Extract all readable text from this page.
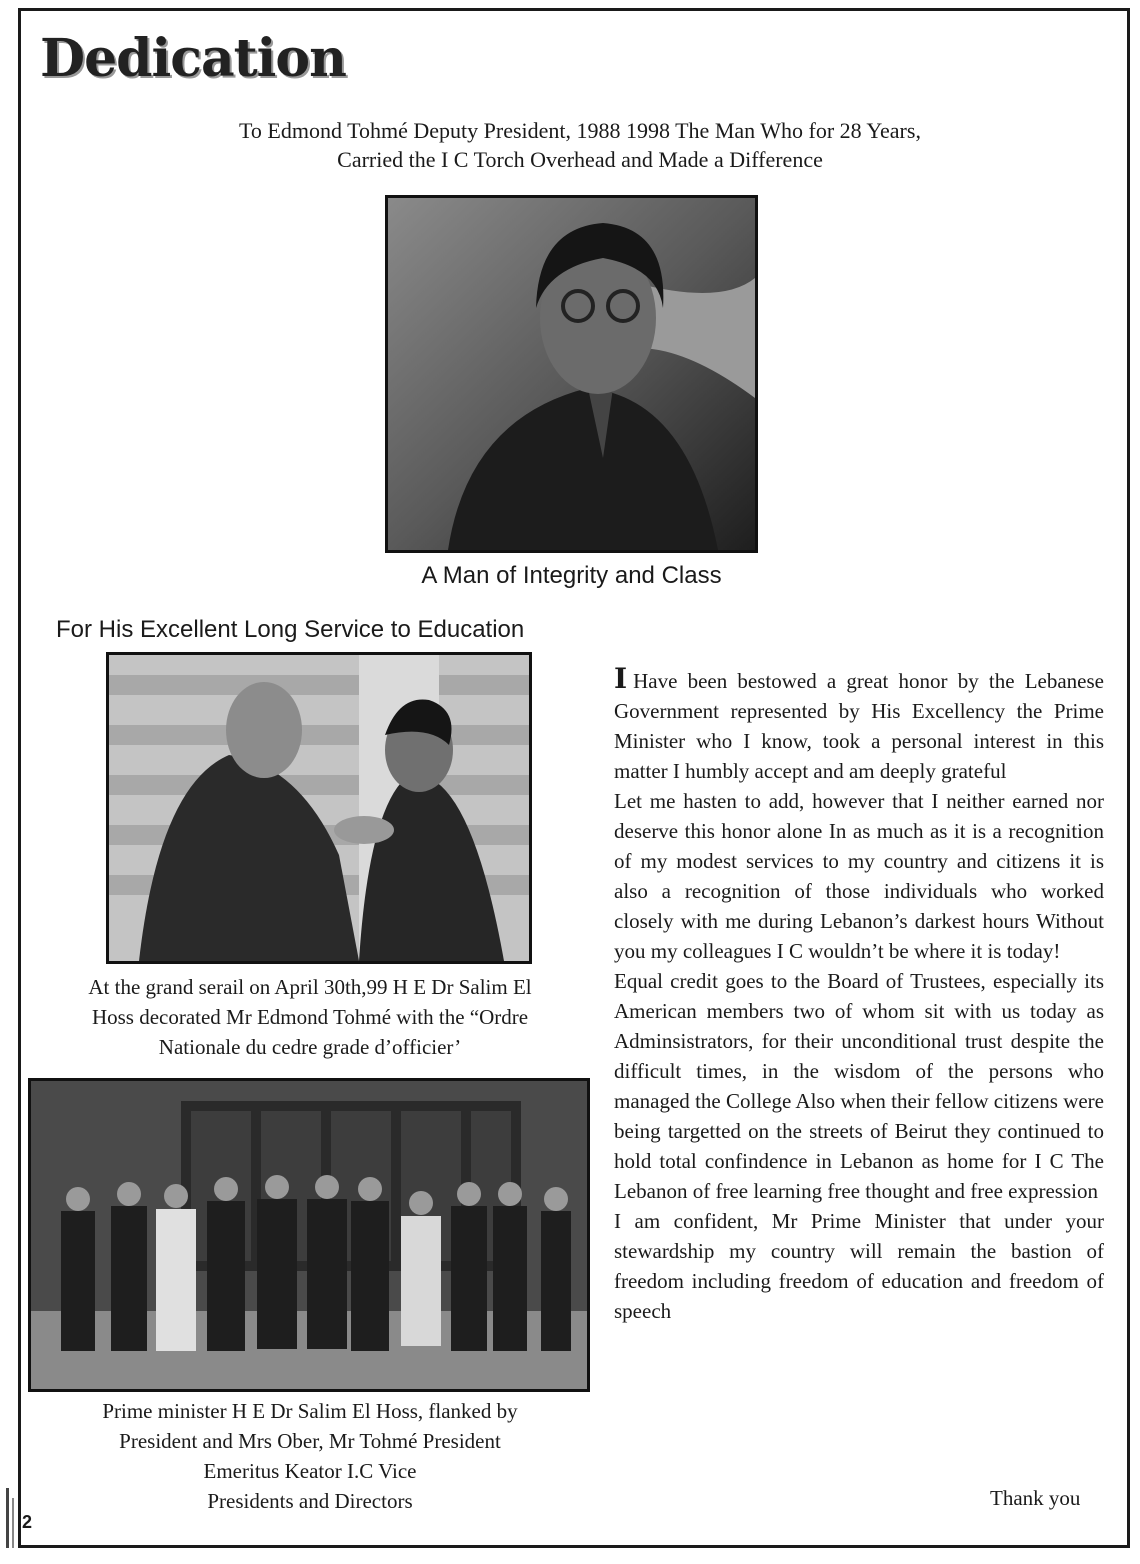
Dedication
To Edmond Tohmé Deputy President, 1988 1998 The Man Who for 28 Years,
Carried the I C Torch Overhead and Made a Difference
A Man of Integrity and Class
For His Excellent Long Service to Education
At the grand serail on April 30th,99 H E Dr Salim El
Hoss decorated Mr Edmond Tohmé with the “Ordre
Nationale du cedre grade d’officier’
Prime minister H E Dr Salim El Hoss, flanked by
President and Mrs Ober, Mr Tohmé President
Emeritus Keator I.C Vice
Presidents and Directors

I Have been bestowed a great honor by the Lebanese Government represented by His Excellency the Prime Minister who I know, took a personal interest in this matter I humbly accept and am deeply grateful

Let me hasten to add, however that I neither earned nor deserve this honor alone In as much as it is a recognition of my modest services to my country and citizens it is also a recognition of those individuals who worked closely with me during Lebanon’s darkest hours Without you my colleagues I C wouldn’t be where it is today!

Equal credit goes to the Board of Trustees, especially its American members two of whom sit with us today as Adminsistrators, for their unconditional trust despite the difficult times, in the wisdom of the persons who managed the College Also when their fellow citizens were being targetted on the streets of Beirut they continued to hold total confindence in Lebanon as home for I C The Lebanon of free learning free thought and free expression

I am confident, Mr Prime Minister that under your stewardship my country will remain the bastion of freedom including freedom of education and freedom of speech

Thank you
2
